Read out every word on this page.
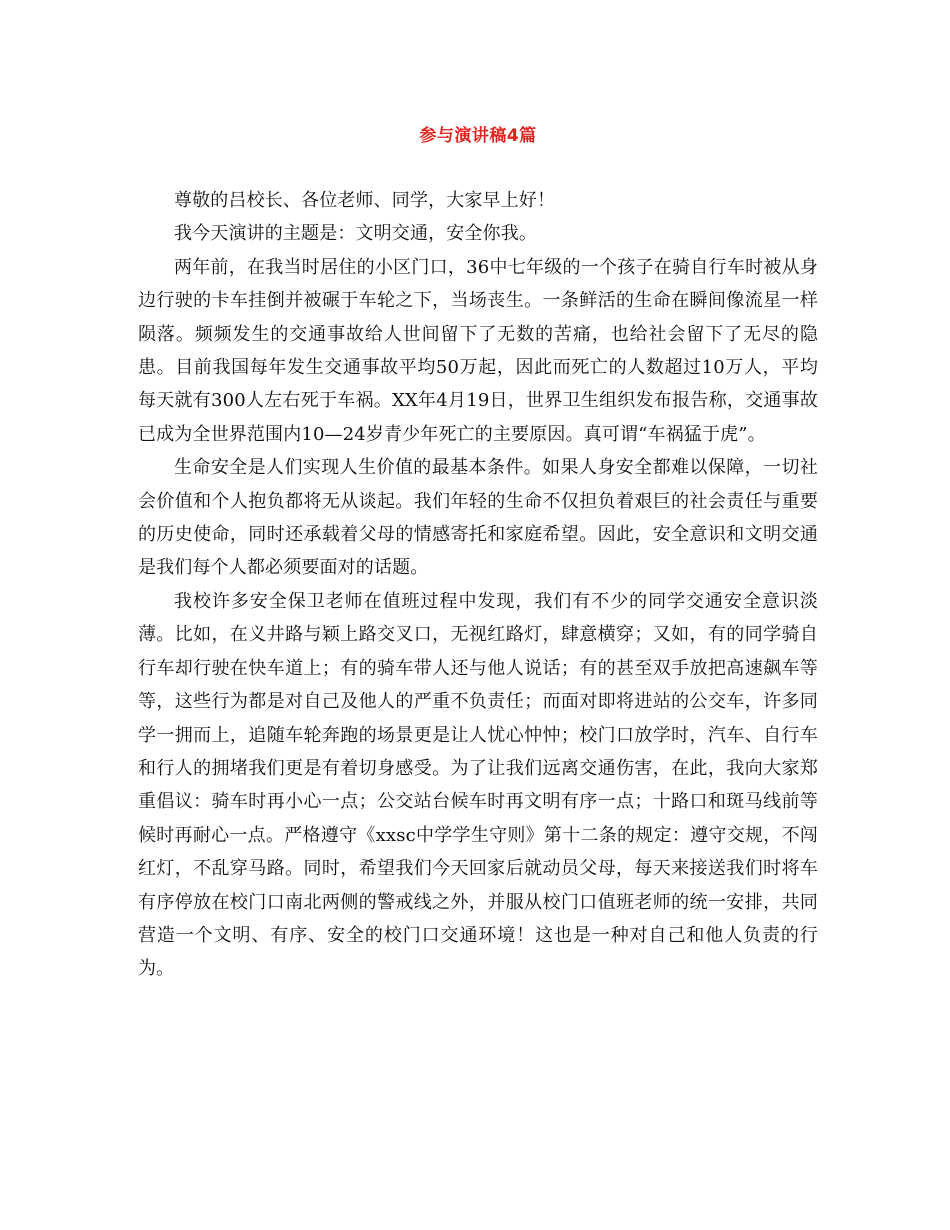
参与演讲稿4篇

尊敬的吕校长、各位老师、同学，大家早上好！

我今天演讲的主题是：文明交通，安全你我。

两年前，在我当时居住的小区门口，36中七年级的一个孩子在骑自行车时被从身边行驶的卡车挂倒并被碾于车轮之下，当场丧生。一条鲜活的生命在瞬间像流星一样陨落。频频发生的交通事故给人世间留下了无数的苦痛，也给社会留下了无尽的隐患。目前我国每年发生交通事故平均50万起，因此而死亡的人数超过10万人，平均每天就有300人左右死于车祸。XX年4月19日，世界卫生组织发布报告称，交通事故已成为全世界范围内10—24岁青少年死亡的主要原因。真可谓“车祸猛于虎”。

生命安全是人们实现人生价值的最基本条件。如果人身安全都难以保障，一切社会价值和个人抱负都将无从谈起。我们年轻的生命不仅担负着艰巨的社会责任与重要的历史使命，同时还承载着父母的情感寄托和家庭希望。因此，安全意识和文明交通是我们每个人都必须要面对的话题。

我校许多安全保卫老师在值班过程中发现，我们有不少的同学交通安全意识淡薄。比如，在义井路与颖上路交叉口，无视红路灯，肆意横穿；又如，有的同学骑自行车却行驶在快车道上；有的骑车带人还与他人说话；有的甚至双手放把高速飙车等等，这些行为都是对自己及他人的严重不负责任；而面对即将进站的公交车，许多同学一拥而上，追随车轮奔跑的场景更是让人忧心忡忡；校门口放学时，汽车、自行车和行人的拥堵我们更是有着切身感受。为了让我们远离交通伤害，在此，我向大家郑重倡议：骑车时再小心一点；公交站台候车时再文明有序一点；十路口和斑马线前等候时再耐心一点。严格遵守《xxsc中学学生守则》第十二条的规定：遵守交规，不闯红灯，不乱穿马路。同时，希望我们今天回家后就动员父母，每天来接送我们时将车有序停放在校门口南北两侧的警戒线之外，并服从校门口值班老师的统一安排，共同营造一个文明、有序、安全的校门口交通环境！这也是一种对自己和他人负责的行为。
